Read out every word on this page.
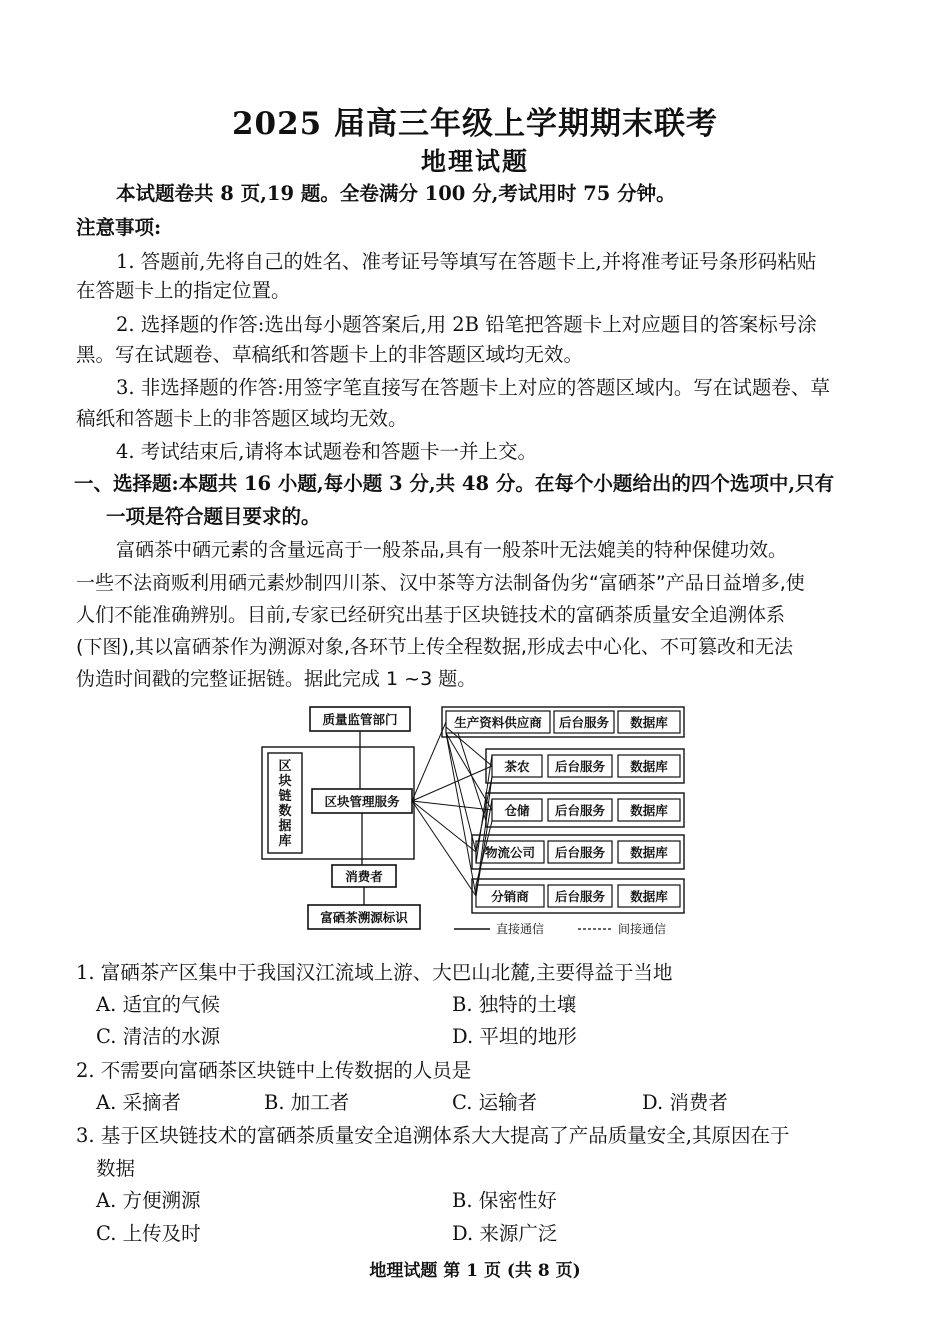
2025 届高三年级上学期期末联考
地理试题
本试题卷共 8 页,19 题。全卷满分 100 分,考试用时 75 分钟。
注意事项:
1. 答题前,先将自己的姓名、准考证号等填写在答题卡上,并将准考证号条形码粘贴
在答题卡上的指定位置。
2. 选择题的作答:选出每小题答案后,用 2B 铅笔把答题卡上对应题目的答案标号涂
黑。写在试题卷、草稿纸和答题卡上的非答题区域均无效。
3. 非选择题的作答:用签字笔直接写在答题卡上对应的答题区域内。写在试题卷、草
稿纸和答题卡上的非答题区域均无效。
4. 考试结束后,请将本试题卷和答题卡一并上交。
一、选择题:本题共 16 小题,每小题 3 分,共 48 分。在每个小题给出的四个选项中,只有
一项是符合题目要求的。
富硒茶中硒元素的含量远高于一般茶品,具有一般茶叶无法媲美的特种保健功效。
一些不法商贩利用硒元素炒制四川茶、汉中茶等方法制备伪劣“富硒茶”产品日益增多,使
人们不能准确辨别。目前,专家已经研究出基于区块链技术的富硒茶质量安全追溯体系
(下图),其以富硒茶作为溯源对象,各环节上传全程数据,形成去中心化、不可篡改和无法
伪造时间戳的完整证据链。据此完成 1 ~3 题。
质量监管部门
区块管理服务
消费者
富硒茶溯源标识
生产资料供应商 后台服务 数据库
茶农 后台服务 数据库
仓储 后台服务 数据库
物流公司 后台服务 数据库
分销商 后台服务 数据库
直接通信	间接通信
区
块
链
数
据
库
1. 富硒茶产区集中于我国汉江流域上游、大巴山北麓,主要得益于当地
A. 适宜的气候	B. 独特的土壤
C. 清洁的水源	D. 平坦的地形
2. 不需要向富硒茶区块链中上传数据的人员是
A. 采摘者	B. 加工者	C. 运输者	D. 消费者
3. 基于区块链技术的富硒茶质量安全追溯体系大大提高了产品质量安全,其原因在于
数据
A. 方便溯源	B. 保密性好
C. 上传及时	D. 来源广泛
地理试题 第 1 页 (共 8 页)
